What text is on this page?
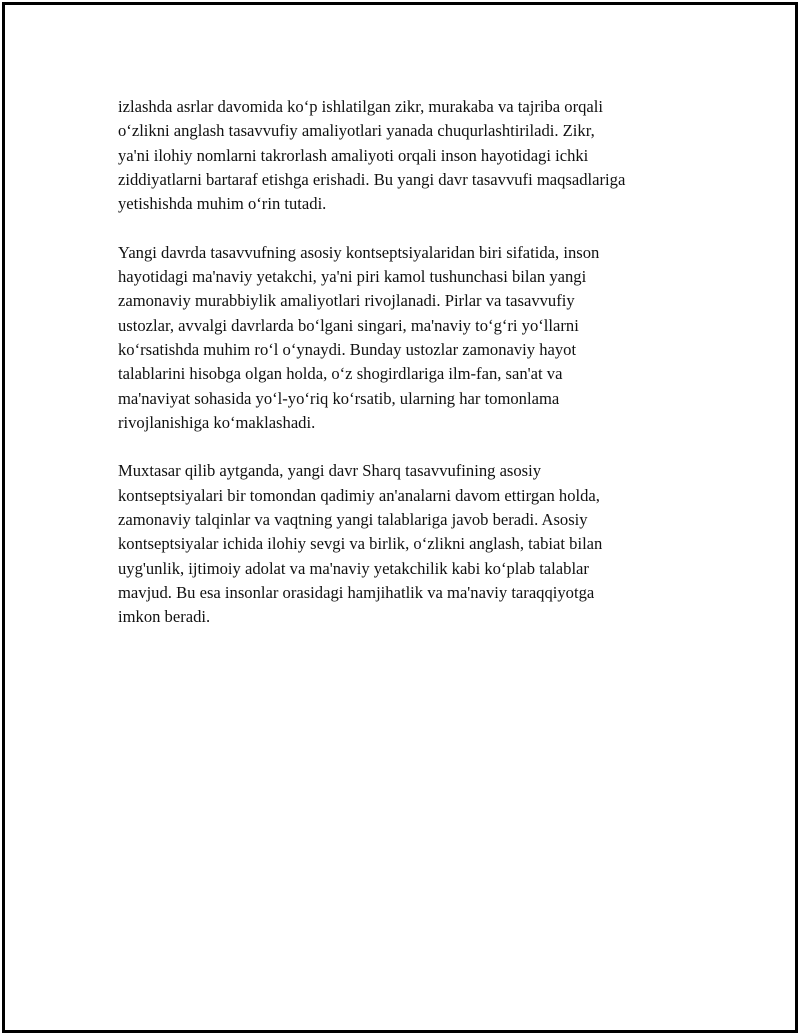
izlashda asrlar davomida ko‘p ishlatilgan zikr, murakaba va tajriba orqali
o‘zlikni anglash tasavvufiy amaliyotlari yanada chuqurlashtiriladi. Zikr,
ya'ni ilohiy nomlarni takrorlash amaliyoti orqali inson hayotidagi ichki
ziddiyatlarni bartaraf etishga erishadi. Bu yangi davr tasavvufi maqsadlariga
yetishishda muhim o‘rin tutadi.

Yangi davrda tasavvufning asosiy kontseptsiyalaridan biri sifatida, inson
hayotidagi ma'naviy yetakchi, ya'ni piri kamol tushunchasi bilan yangi
zamonaviy murabbiylik amaliyotlari rivojlanadi. Pirlar va tasavvufiy
ustozlar, avvalgi davrlarda bo‘lgani singari, ma'naviy to‘g‘ri yo‘llarni
ko‘rsatishda muhim ro‘l o‘ynaydi. Bunday ustozlar zamonaviy hayot
talablarini hisobga olgan holda, o‘z shogirdlariga ilm-fan, san'at va
ma'naviyat sohasida yo‘l-yo‘riq ko‘rsatib, ularning har tomonlama
rivojlanishiga ko‘maklashadi.

Muxtasar qilib aytganda, yangi davr Sharq tasavvufining asosiy
kontseptsiyalari bir tomondan qadimiy an'analarni davom ettirgan holda,
zamonaviy talqinlar va vaqtning yangi talablariga javob beradi. Asosiy
kontseptsiyalar ichida ilohiy sevgi va birlik, o‘zlikni anglash, tabiat bilan
uyg'unlik, ijtimoiy adolat va ma'naviy yetakchilik kabi ko‘plab talablar
mavjud. Bu esa insonlar orasidagi hamjihatlik va ma'naviy taraqqiyotga
imkon beradi.
